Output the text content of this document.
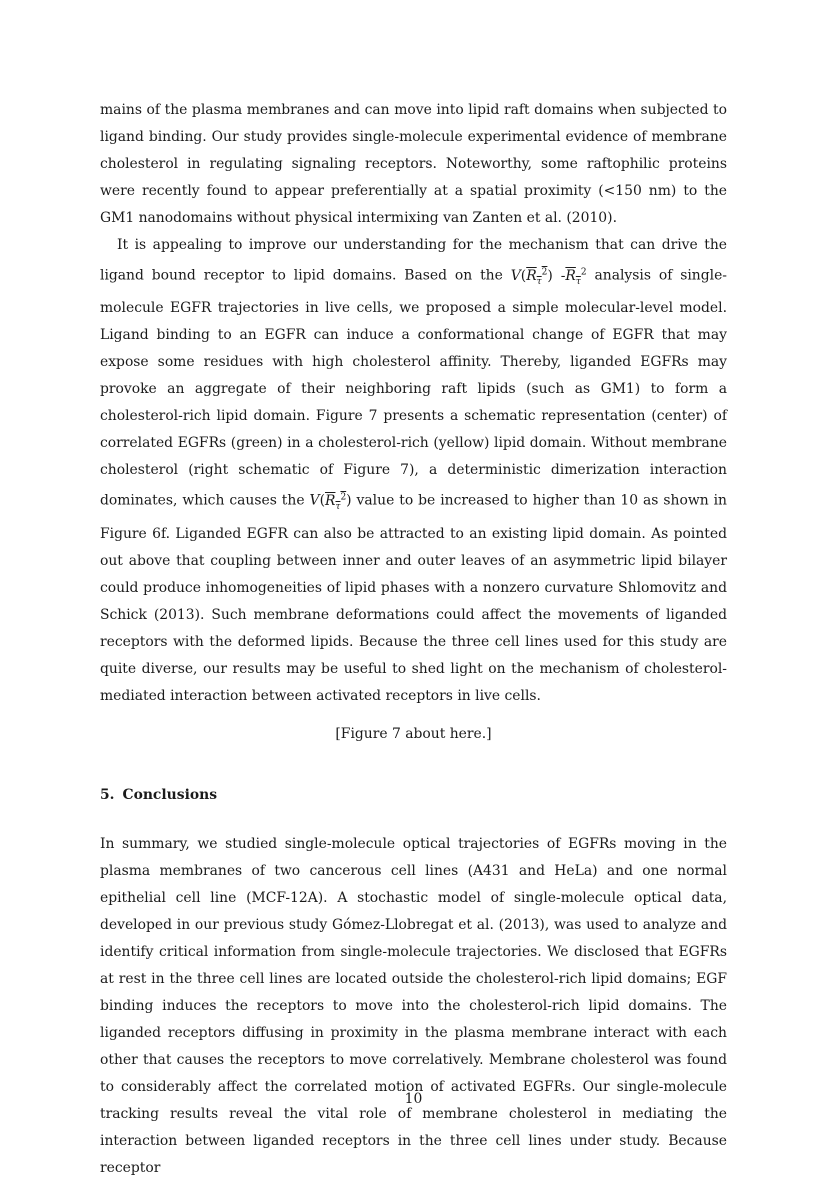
mains of the plasma membranes and can move into lipid raft domains when subjected to ligand binding. Our study provides single-molecule experimental evidence of membrane cholesterol in regulating signaling receptors. Noteworthy, some raftophilic proteins were recently found to appear preferentially at a spatial proximity (<150 nm) to the GM1 nanodomains without physical intermixing van Zanten et al. (2010).

It is appealing to improve our understanding for the mechanism that can drive the ligand bound receptor to lipid domains. Based on the $V(R_\tau^2)$ $-R_\tau^2$ analysis of single-molecule EGFR trajectories in live cells, we proposed a simple molecular-level model. Ligand binding to an EGFR can induce a conformational change of EGFR that may expose some residues with high cholesterol affinity. Thereby, liganded EGFRs may provoke an aggregate of their neighboring raft lipids (such as GM1) to form a cholesterol-rich lipid domain. Figure 7 presents a schematic representation (center) of correlated EGFRs (green) in a cholesterol-rich (yellow) lipid domain. Without membrane cholesterol (right schematic of Figure 7), a deterministic dimerization interaction dominates, which causes the $V(R_\tau^2)$ value to be increased to higher than 10 as shown in Figure 6f. Liganded EGFR can also be attracted to an existing lipid domain. As pointed out above that coupling between inner and outer leaves of an asymmetric lipid bilayer could produce inhomogeneities of lipid phases with a nonzero curvature Shlomovitz and Schick (2013). Such membrane deformations could affect the movements of liganded receptors with the deformed lipids. Because the three cell lines used for this study are quite diverse, our results may be useful to shed light on the mechanism of cholesterol-mediated interaction between activated receptors in live cells.

[Figure 7 about here.]
5. Conclusions

In summary, we studied single-molecule optical trajectories of EGFRs moving in the plasma membranes of two cancerous cell lines (A431 and HeLa) and one normal epithelial cell line (MCF-12A). A stochastic model of single-molecule optical data, developed in our previous study Gómez-Llobregat et al. (2013), was used to analyze and identify critical information from single-molecule trajectories. We disclosed that EGFRs at rest in the three cell lines are located outside the cholesterol-rich lipid domains; EGF binding induces the receptors to move into the cholesterol-rich lipid domains. The liganded receptors diffusing in proximity in the plasma membrane interact with each other that causes the receptors to move correlatively. Membrane cholesterol was found to considerably affect the correlated motion of activated EGFRs. Our single-molecule tracking results reveal the vital role of membrane cholesterol in mediating the interaction between liganded receptors in the three cell lines under study. Because receptor

10
